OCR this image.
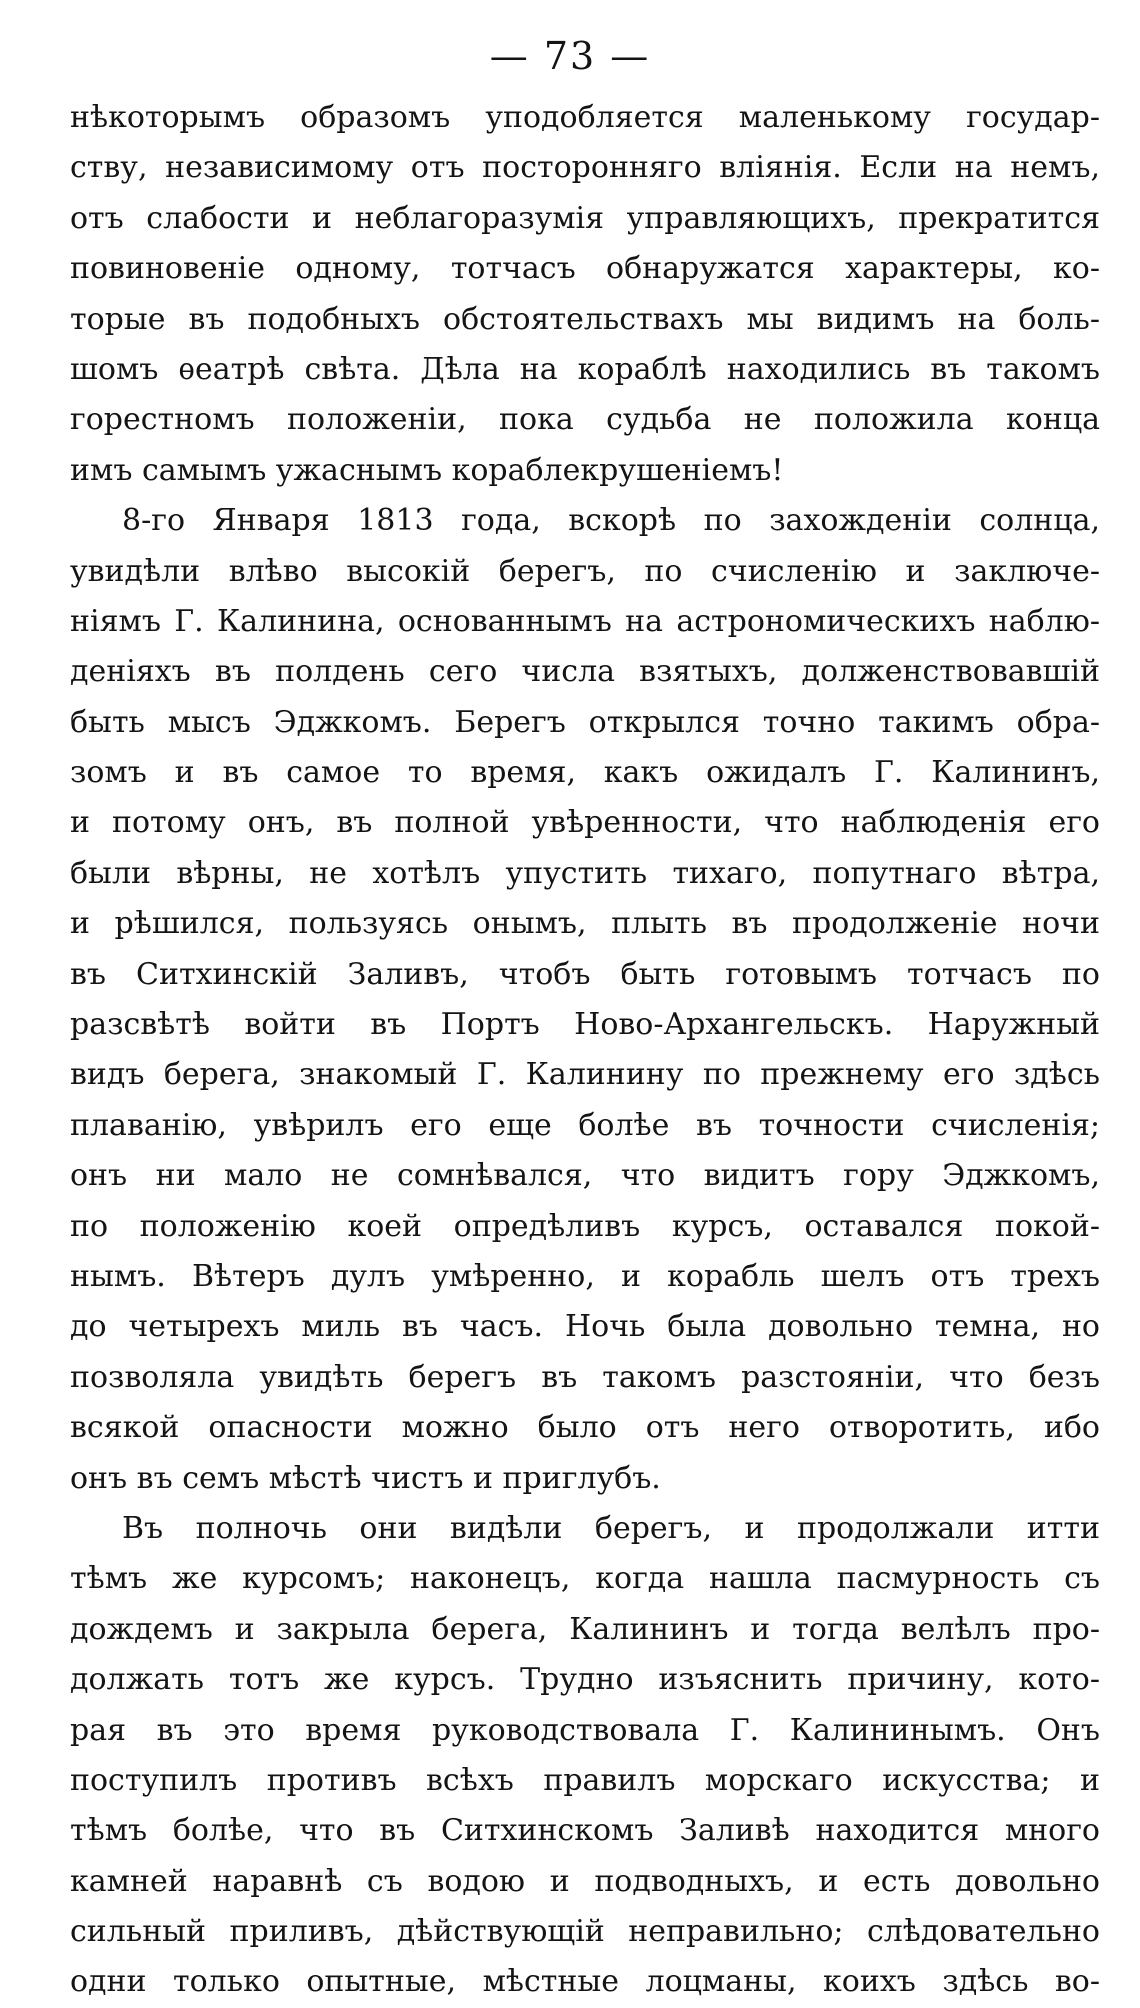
— 73 —
нѣкоторымъ образомъ уподобляется маленькому государ-
ству, независимому отъ посторонняго влiянiя. Если на немъ,
отъ слабости и неблагоразумiя управляющихъ, прекратится
повиновенiе одному, тотчасъ обнаружатся характеры, ко-
торые въ подобныхъ обстоятельствахъ мы видимъ на боль-
шомъ ѳеатрѣ свѣта. Дѣла на кораблѣ находились въ такомъ
горестномъ положенiи, пока судьба не положила конца
имъ самымъ ужаснымъ кораблекрушенiемъ!
8-го Января 1813 года, вскорѣ по захожденiи солнца,
увидѣли влѣво высокiй берегъ, по счисленiю и заключе-
нiямъ Г. Калинина, основаннымъ на астрономическихъ наблю-
денiяхъ въ полдень сего числа взятыхъ, долженствовавшiй
быть мысъ Эджкомъ. Берегъ открылся точно такимъ обра-
зомъ и въ самое то время, какъ ожидалъ Г. Калининъ,
и потому онъ, въ полной увѣренности, что наблюденiя его
были вѣрны, не хотѣлъ упустить тихаго, попутнаго вѣтра,
и рѣшился, пользуясь онымъ, плыть въ продолженiе ночи
въ Ситхинскiй Заливъ, чтобъ быть готовымъ тотчасъ по
разсвѣтѣ войти въ Портъ Ново-Архангельскъ. Наружный
видъ берега, знакомый Г. Калинину по прежнему его здѣсь
плаванiю, увѣрилъ его еще болѣе въ точности счисленiя;
онъ ни мало не сомнѣвался, что видитъ гору Эджкомъ,
по положенiю коей опредѣливъ курсъ, оставался покой-
нымъ. Вѣтеръ дулъ умѣренно, и корабль шелъ отъ трехъ
до четырехъ миль въ часъ. Ночь была довольно темна, но
позволяла увидѣть берегъ въ такомъ разстоянiи, что безъ
всякой опасности можно было отъ него отворотить, ибо
онъ въ семъ мѣстѣ чистъ и приглубъ.
Въ полночь они видѣли берегъ, и продолжали итти
тѣмъ же курсомъ; наконецъ, когда нашла пасмурность съ
дождемъ и закрыла берега, Калининъ и тогда велѣлъ про-
должать тотъ же курсъ. Трудно изъяснить причину, кото-
рая въ это время руководствовала Г. Калининымъ. Онъ
поступилъ противъ всѣхъ правилъ морскаго искусства; и
тѣмъ болѣе, что въ Ситхинскомъ Заливѣ находится много
камней наравнѣ съ водою и подводныхъ, и есть довольно
сильный приливъ, дѣйствующiй неправильно; слѣдовательно
одни только опытные, мѣстные лоцманы, коихъ здѣсь во-
